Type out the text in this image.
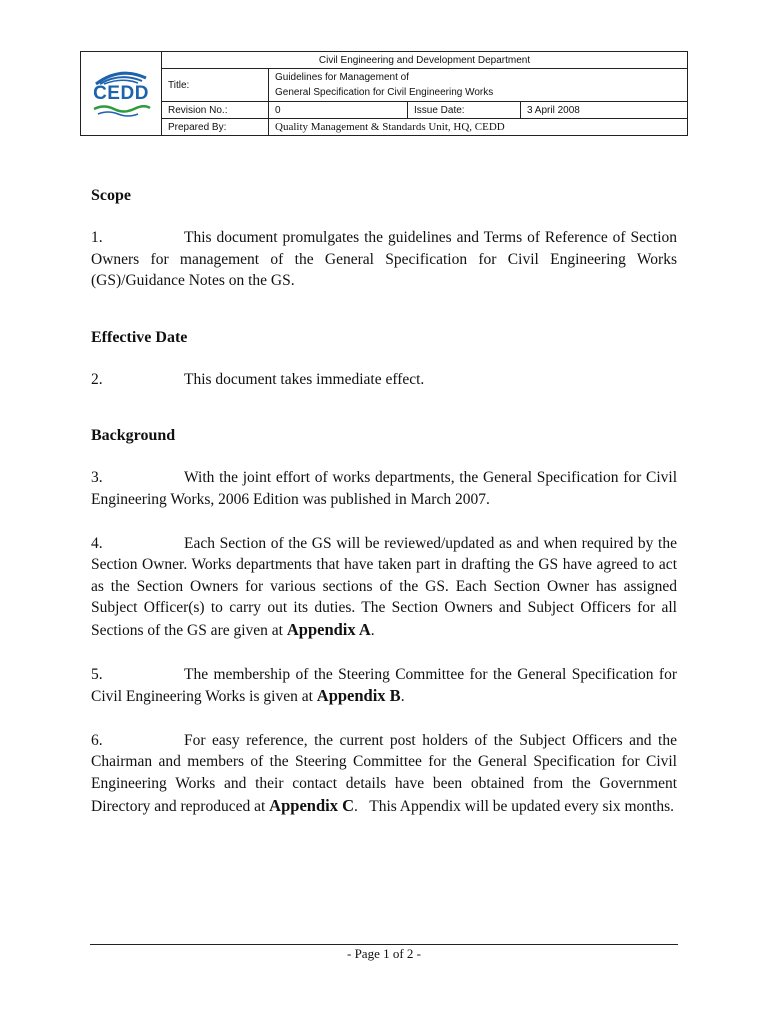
CEDD	Civil Engineering and Development Department			
	Title:	Guidelines for Management of
General Specification for Civil Engineering Works		

	Revision No.:	0	Issue Date:	3 April 2008
	Prepared By:	Quality Management & Standards Unit, HQ, CEDD		
Scope

1.	This document promulgates the guidelines and Terms of Reference of Section Owners for management of the General Specification for Civil Engineering Works (GS)/Guidance Notes on the GS.

Effective Date

2.	This document takes immediate effect.

Background

3.	With the joint effort of works departments, the General Specification for Civil Engineering Works, 2006 Edition was published in March 2007.

4.	Each Section of the GS will be reviewed/updated as and when required by the Section Owner. Works departments that have taken part in drafting the GS have agreed to act as the Section Owners for various sections of the GS. Each Section Owner has assigned Subject Officer(s) to carry out its duties. The Section Owners and Subject Officers for all Sections of the GS are given at Appendix A.

5.	The membership of the Steering Committee for the General Specification for Civil Engineering Works is given at Appendix B.

6.	For easy reference, the current post holders of the Subject Officers and the Chairman and members of the Steering Committee for the General Specification for Civil Engineering Works and their contact details have been obtained from the Government Directory and reproduced at Appendix C.   This Appendix will be updated every six months.

- Page 1 of 2 -
